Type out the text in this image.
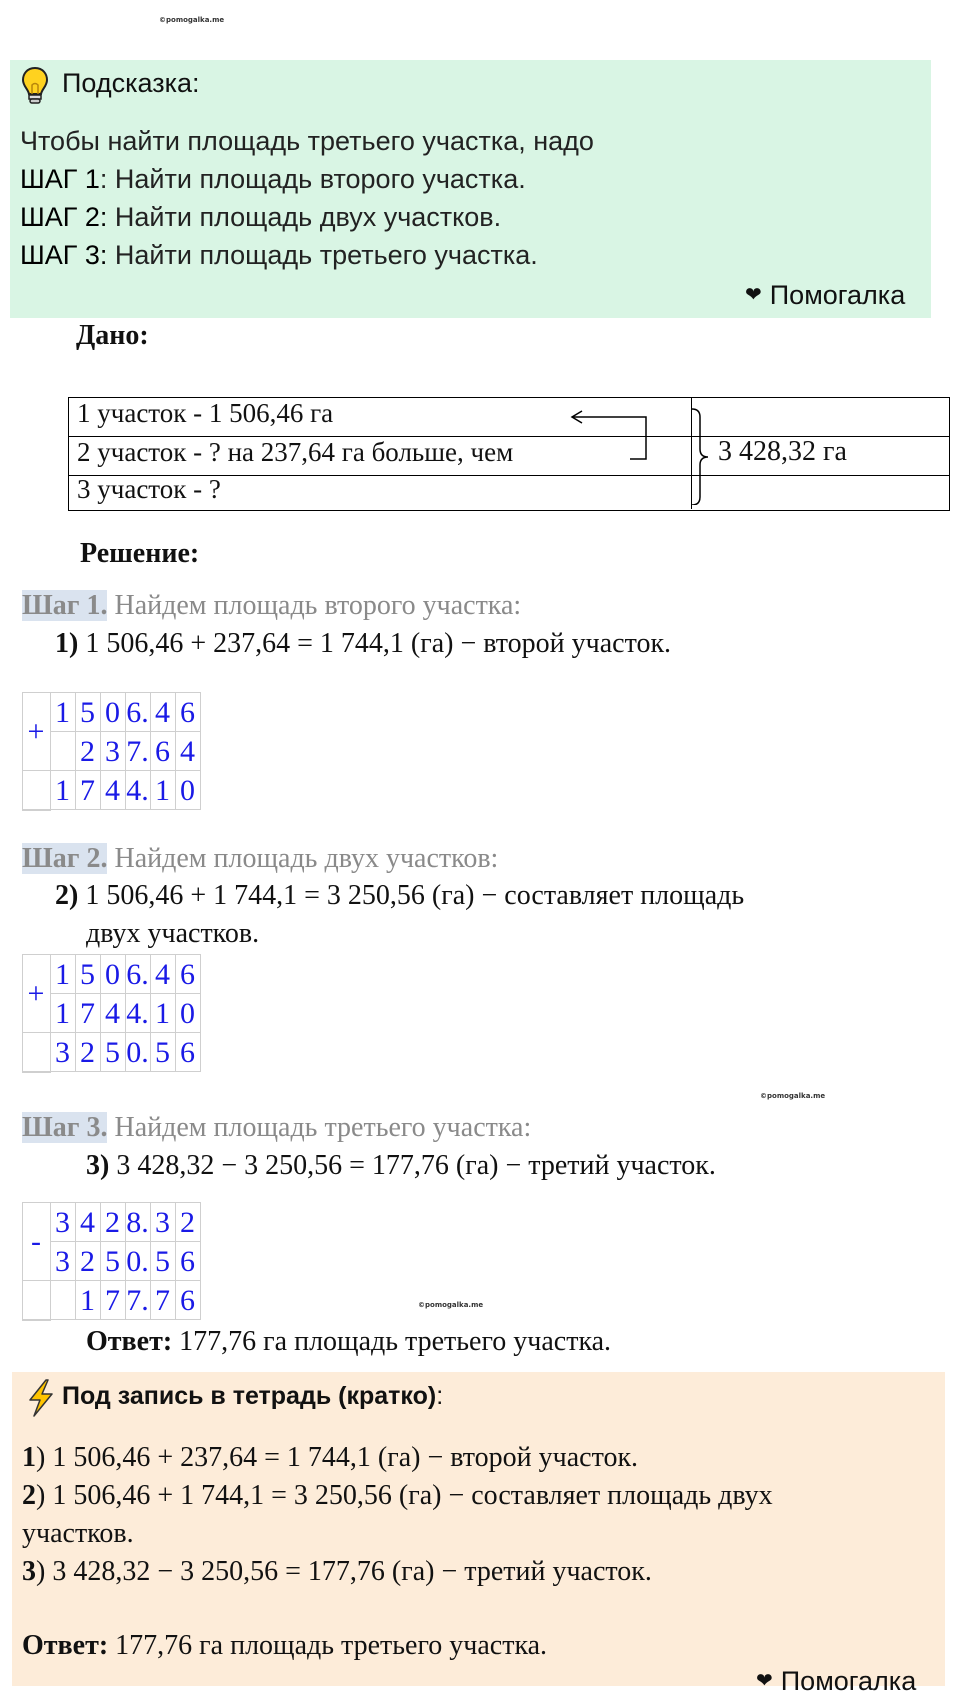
©pomogalka.me
©pomogalka.me
©pomogalka.me
Подсказка:
Чтобы найти площадь третьего участка, надо
ШАГ 1: Найти площадь второго участка.
ШАГ 2: Найти площадь двух участков.
ШАГ 3: Найти площадь третьего участка.
❤ Помогалка
Дано:
1 участок - 1 506,46 га
2 участок - ? на 237,64 га больше, чем
3 участок - ?
3 428,32 га
Решение:
Шаг 1. Найдем площадь второго участка:
1) 1 506,46 + 237,64 = 1 744,1 (га) − второй участок.
+
1 5 0 6. 4 6
2 3 7. 6 4
1 7 4 4. 1 0
Шаг 2. Найдем площадь двух участков:
2) 1 506,46 + 1 744,1 = 3 250,56 (га) − составляет площадь
двух участков.
+
1 5 0 6. 4 6
1 7 4 4. 1 0
3 2 5 0. 5 6
Шаг 3. Найдем площадь третьего участка:
3) 3 428,32 − 3 250,56 = 177,76 (га) − третий участок.
-
3 4 2 8. 3 2
3 2 5 0. 5 6
1 7 7. 7 6
Ответ: 177,76 га площадь третьего участка.
Под запись в тетрадь (кратко):
1) 1 506,46 + 237,64 = 1 744,1 (га) − второй участок.
2) 1 506,46 + 1 744,1 = 3 250,56 (га) − составляет площадь двух
участков.
3) 3 428,32 − 3 250,56 = 177,76 (га) − третий участок.
Ответ: 177,76 га площадь третьего участка.
❤ Помогалка
